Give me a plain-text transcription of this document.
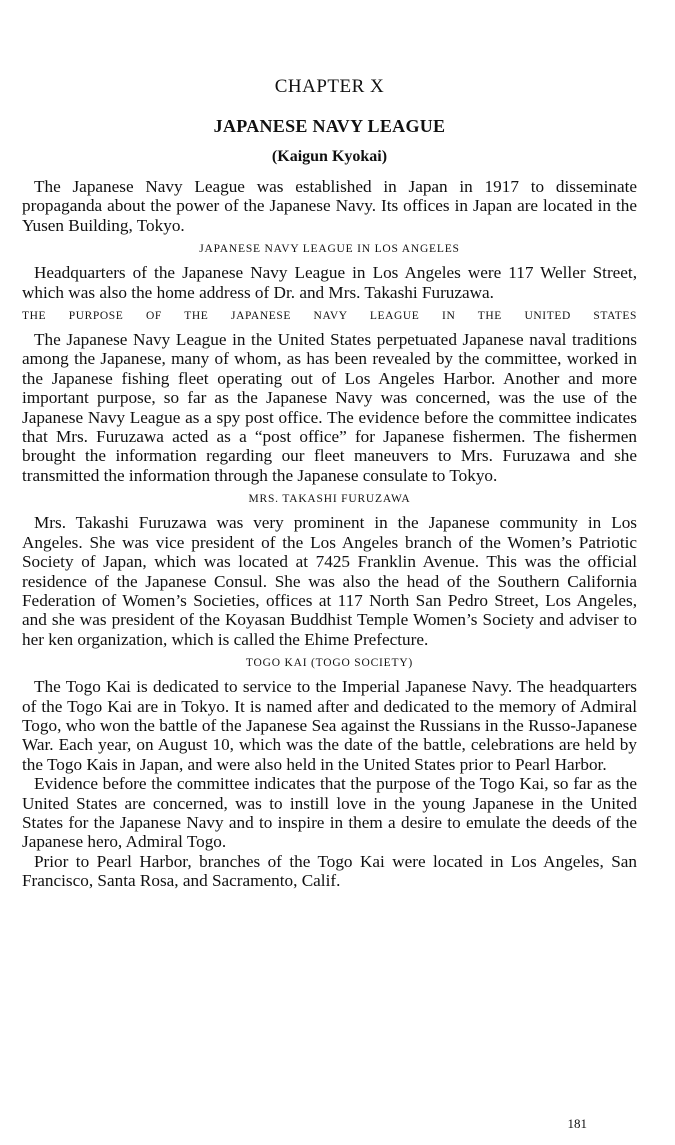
CHAPTER X
JAPANESE NAVY LEAGUE
(Kaigun Kyokai)

The Japanese Navy League was established in Japan in 1917 to disseminate propaganda about the power of the Japanese Navy. Its offices in Japan are located in the Yusen Building, Tokyo.

JAPANESE NAVY LEAGUE IN LOS ANGELES

Headquarters of the Japanese Navy League in Los Angeles were 117 Weller Street, which was also the home address of Dr. and Mrs. Takashi Furuzawa.

THE PURPOSE OF THE JAPANESE NAVY LEAGUE IN THE UNITED STATES

The Japanese Navy League in the United States perpetuated Japanese naval traditions among the Japanese, many of whom, as has been revealed by the committee, worked in the Japanese fishing fleet operating out of Los Angeles Harbor. Another and more important purpose, so far as the Japanese Navy was concerned, was the use of the Japanese Navy League as a spy post office. The evidence before the committee indicates that Mrs. Furuzawa acted as a “post office” for Japanese fishermen. The fishermen brought the information regarding our fleet maneuvers to Mrs. Furuzawa and she transmitted the information through the Japanese consulate to Tokyo.

MRS. TAKASHI FURUZAWA

Mrs. Takashi Furuzawa was very prominent in the Japanese community in Los Angeles. She was vice president of the Los Angeles branch of the Women’s Patriotic Society of Japan, which was located at 7425 Franklin Avenue. This was the official residence of the Japanese Consul. She was also the head of the Southern California Federation of Women’s Societies, offices at 117 North San Pedro Street, Los Angeles, and she was president of the Koyasan Buddhist Temple Women’s Society and adviser to her ken organization, which is called the Ehime Prefecture.

TOGO KAI (TOGO SOCIETY)

The Togo Kai is dedicated to service to the Imperial Japanese Navy. The headquarters of the Togo Kai are in Tokyo. It is named after and dedicated to the memory of Admiral Togo, who won the battle of the Japanese Sea against the Russians in the Russo-Japanese War. Each year, on August 10, which was the date of the battle, celebrations are held by the Togo Kais in Japan, and were also held in the United States prior to Pearl Harbor.

Evidence before the committee indicates that the purpose of the Togo Kai, so far as the United States are concerned, was to instill love in the young Japanese in the United States for the Japanese Navy and to inspire in them a desire to emulate the deeds of the Japanese hero, Admiral Togo.

Prior to Pearl Harbor, branches of the Togo Kai were located in Los Angeles, San Francisco, Santa Rosa, and Sacramento, Calif.

181
